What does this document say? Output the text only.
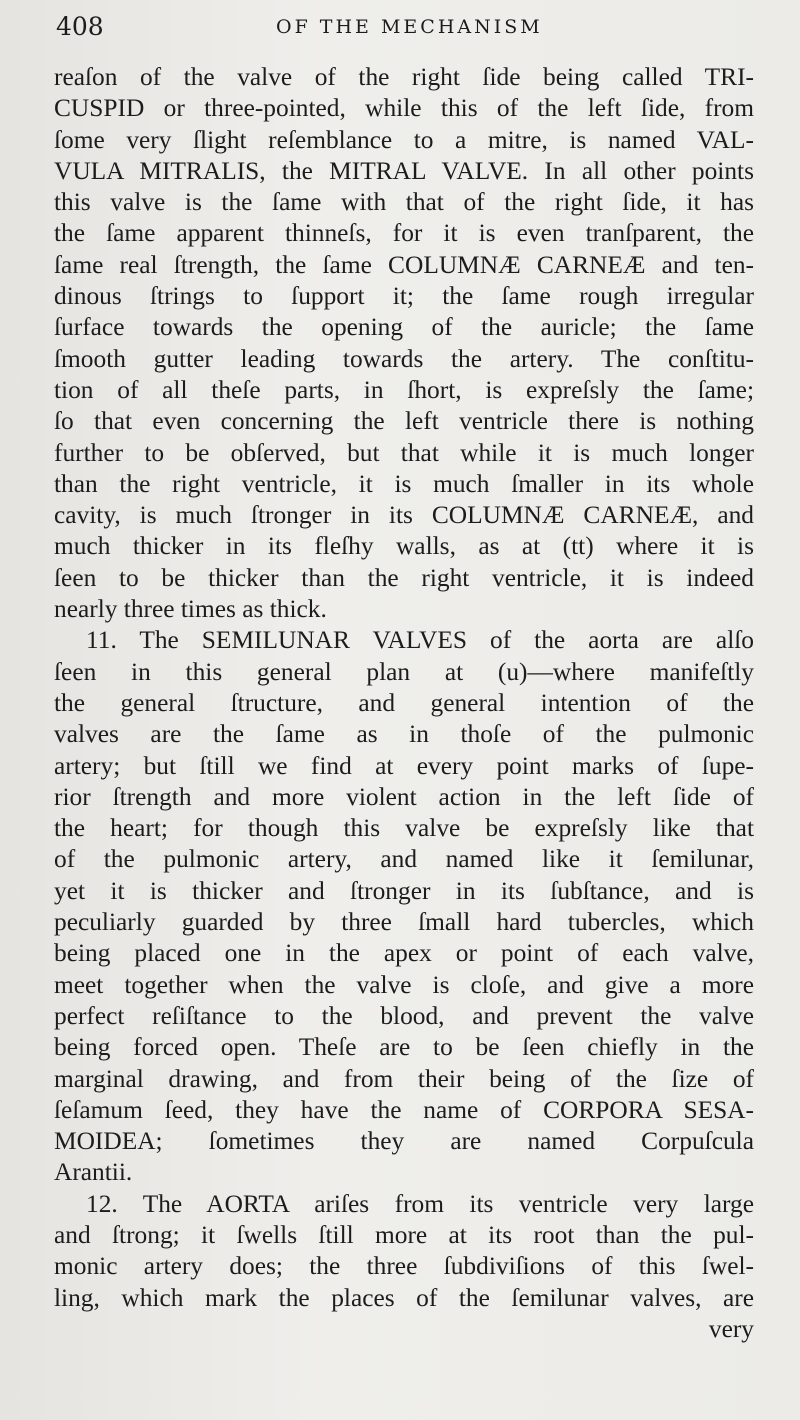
408	OF THE MECHANISM
reaſon of the valve of the right ſide being called TRI-
CUSPID or three-pointed, while this of the left ſide, from
ſome very ſlight reſemblance to a mitre, is named VAL-
VULA MITRALIS, the MITRAL VALVE. In all other points
this valve is the ſame with that of the right ſide, it has
the ſame apparent thinneſs, for it is even tranſparent, the
ſame real ſtrength, the ſame COLUMNÆ CARNEÆ and ten-
dinous ſtrings to ſupport it; the ſame rough irregular
ſurface towards the opening of the auricle; the ſame
ſmooth gutter leading towards the artery. The conſtitu-
tion of all theſe parts, in ſhort, is expreſsly the ſame;
ſo that even concerning the left ventricle there is nothing
further to be obſerved, but that while it is much longer
than the right ventricle, it is much ſmaller in its whole
cavity, is much ſtronger in its COLUMNÆ CARNEÆ, and
much thicker in its fleſhy walls, as at (tt) where it is
ſeen to be thicker than the right ventricle, it is indeed
nearly three times as thick.
11. The SEMILUNAR VALVES of the aorta are alſo
ſeen in this general plan at (u)—where manifeſtly
the general ſtructure, and general intention of the
valves are the ſame as in thoſe of the pulmonic
artery; but ſtill we find at every point marks of ſupe-
rior ſtrength and more violent action in the left ſide of
the heart; for though this valve be expreſsly like that
of the pulmonic artery, and named like it ſemilunar,
yet it is thicker and ſtronger in its ſubſtance, and is
peculiarly guarded by three ſmall hard tubercles, which
being placed one in the apex or point of each valve,
meet together when the valve is cloſe, and give a more
perfect reſiſtance to the blood, and prevent the valve
being forced open. Theſe are to be ſeen chiefly in the
marginal drawing, and from their being of the ſize of
ſeſamum ſeed, they have the name of CORPORA SESA-
MOIDEA; ſometimes they are named Corpuſcula
Arantii.
12. The AORTA ariſes from its ventricle very large
and ſtrong; it ſwells ſtill more at its root than the pul-
monic artery does; the three ſubdiviſions of this ſwel-
ling, which mark the places of the ſemilunar valves, are
very
